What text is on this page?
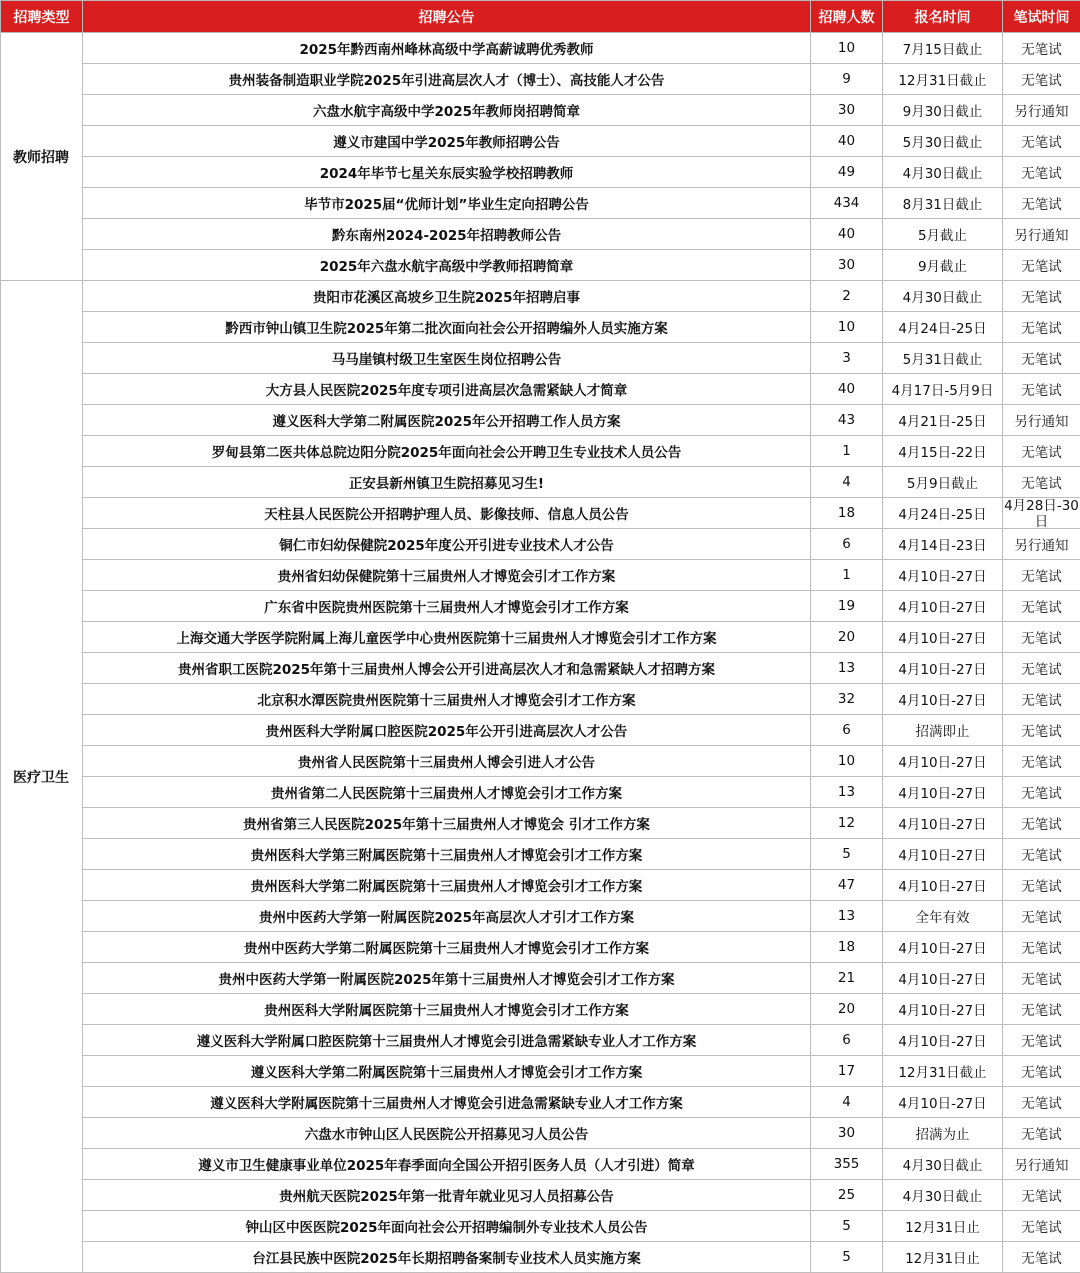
招聘类型	招聘公告	招聘人数	报名时间	笔试时间
教师招聘	2025年黔西南州峰林高级中学高薪诚聘优秀教师	10	7月15日截止	无笔试
	贵州装备制造职业学院2025年引进高层次人才（博士）、高技能人才公告	9	12月31日截止	无笔试
	六盘水航宇高级中学2025年教师岗招聘简章	30	9月30日截止	另行通知
	遵义市建国中学2025年教师招聘公告	40	5月30日截止	无笔试
	2024年毕节七星关东辰实验学校招聘教师	49	4月30日截止	无笔试
	毕节市2025届“优师计划”毕业生定向招聘公告	434	8月31日截止	无笔试
	黔东南州2024-2025年招聘教师公告	40	5月截止	另行通知
	2025年六盘水航宇高级中学教师招聘简章	30	9月截止	无笔试
医疗卫生	贵阳市花溪区高坡乡卫生院2025年招聘启事	2	4月30日截止	无笔试
	黔西市钟山镇卫生院2025年第二批次面向社会公开招聘编外人员实施方案	10	4月24日-25日	无笔试
	马马崖镇村级卫生室医生岗位招聘公告	3	5月31日截止	无笔试
	大方县人民医院2025年度专项引进高层次急需紧缺人才简章	40	4月17日-5月9日	无笔试
	遵义医科大学第二附属医院2025年公开招聘工作人员方案	43	4月21日-25日	另行通知
	罗甸县第二医共体总院边阳分院2025年面向社会公开聘卫生专业技术人员公告	1	4月15日-22日	无笔试
	正安县新州镇卫生院招募见习生!	4	5月9日截止	无笔试
	天柱县人民医院公开招聘护理人员、影像技师、信息人员公告	18	4月24日-25日	4月28日-30日

	铜仁市妇幼保健院2025年度公开引进专业技术人才公告	6	4月14日-23日	另行通知
	贵州省妇幼保健院第十三届贵州人才博览会引才工作方案	1	4月10日-27日	无笔试
	广东省中医院贵州医院第十三届贵州人才博览会引才工作方案	19	4月10日-27日	无笔试
	上海交通大学医学院附属上海儿童医学中心贵州医院第十三届贵州人才博览会引才工作方案	20	4月10日-27日	无笔试
	贵州省职工医院2025年第十三届贵州人博会公开引进高层次人才和急需紧缺人才招聘方案	13	4月10日-27日	无笔试
	北京积水潭医院贵州医院第十三届贵州人才博览会引才工作方案	32	4月10日-27日	无笔试
	贵州医科大学附属口腔医院2025年公开引进高层次人才公告	6	招满即止	无笔试
	贵州省人民医院第十三届贵州人博会引进人才公告	10	4月10日-27日	无笔试
	贵州省第二人民医院第十三届贵州人才博览会引才工作方案	13	4月10日-27日	无笔试
	贵州省第三人民医院2025年第十三届贵州人才博览会 引才工作方案	12	4月10日-27日	无笔试
	贵州医科大学第三附属医院第十三届贵州人才博览会引才工作方案	5	4月10日-27日	无笔试
	贵州医科大学第二附属医院第十三届贵州人才博览会引才工作方案	47	4月10日-27日	无笔试
	贵州中医药大学第一附属医院2025年高层次人才引才工作方案	13	全年有效	无笔试
	贵州中医药大学第二附属医院第十三届贵州人才博览会引才工作方案	18	4月10日-27日	无笔试
	贵州中医药大学第一附属医院2025年第十三届贵州人才博览会引才工作方案	21	4月10日-27日	无笔试
	贵州医科大学附属医院第十三届贵州人才博览会引才工作方案	20	4月10日-27日	无笔试
	遵义医科大学附属口腔医院第十三届贵州人才博览会引进急需紧缺专业人才工作方案	6	4月10日-27日	无笔试
	遵义医科大学第二附属医院第十三届贵州人才博览会引才工作方案	17	12月31日截止	无笔试
	遵义医科大学附属医院第十三届贵州人才博览会引进急需紧缺专业人才工作方案	4	4月10日-27日	无笔试
	六盘水市钟山区人民医院公开招募见习人员公告	30	招满为止	无笔试
	遵义市卫生健康事业单位2025年春季面向全国公开招引医务人员（人才引进）简章	355	4月30日截止	另行通知
	贵州航天医院2025年第一批青年就业见习人员招募公告	25	4月30日截止	无笔试
	钟山区中医医院2025年面向社会公开招聘编制外专业技术人员公告	5	12月31日止	无笔试
	台江县民族中医院2025年长期招聘备案制专业技术人员实施方案	5	12月31日止	无笔试
